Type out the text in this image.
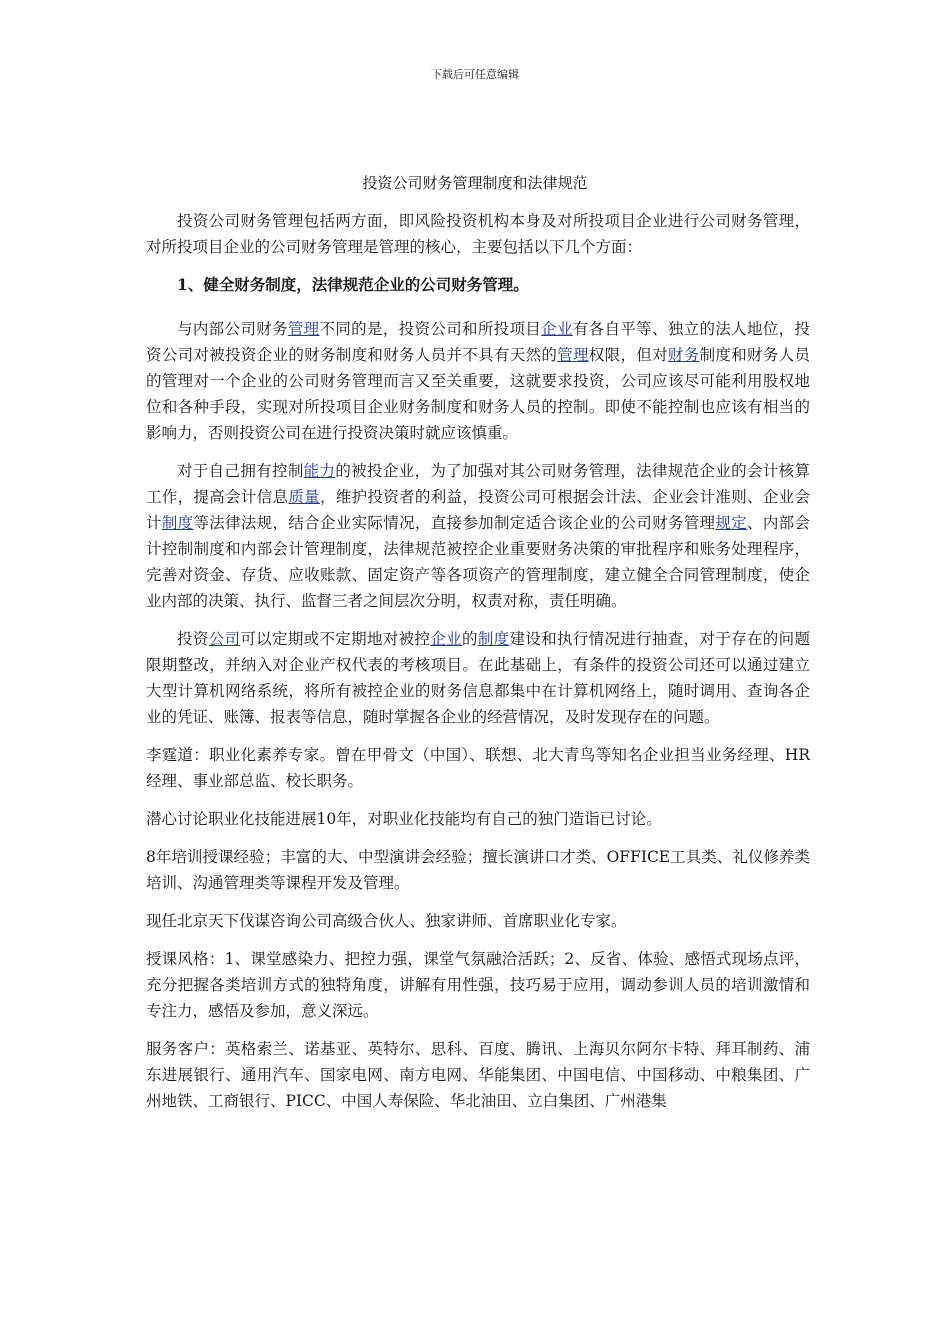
下载后可任意编辑
投资公司财务管理制度和法律规范

投资公司财务管理包括两方面，即风险投资机构本身及对所投项目企业进行公司财务管理，对所投项目企业的公司财务管理是管理的核心，主要包括以下几个方面：

1、健全财务制度，法律规范企业的公司财务管理。

与内部公司财务管理不同的是，投资公司和所投项目企业有各自平等、独立的法人地位，投资公司对被投资企业的财务制度和财务人员并不具有天然的管理权限，但对财务制度和财务人员的管理对一个企业的公司财务管理而言又至关重要，这就要求投资，公司应该尽可能利用股权地位和各种手段，实现对所投项目企业财务制度和财务人员的控制。即使不能控制也应该有相当的影响力，否则投资公司在进行投资决策时就应该慎重。

对于自己拥有控制能力的被投企业，为了加强对其公司财务管理，法律规范企业的会计核算工作，提高会计信息质量，维护投资者的利益，投资公司可根据会计法、企业会计准则、企业会计制度等法律法规，结合企业实际情况，直接参加制定适合该企业的公司财务管理规定、内部会计控制制度和内部会计管理制度，法律规范被控企业重要财务决策的审批程序和账务处理程序，完善对资金、存货、应收账款、固定资产等各项资产的管理制度，建立健全合同管理制度，使企业内部的决策、执行、监督三者之间层次分明，权责对称，责任明确。

投资公司可以定期或不定期地对被控企业的制度建设和执行情况进行抽查，对于存在的问题限期整改，并纳入对企业产权代表的考核项目。在此基础上，有条件的投资公司还可以通过建立大型计算机网络系统，将所有被控企业的财务信息都集中在计算机网络上，随时调用、查询各企业的凭证、账簿、报表等信息，随时掌握各企业的经营情况，及时发现存在的问题。

李霆道：职业化素养专家。曾在甲骨文（中国）、联想、北大青鸟等知名企业担当业务经理、HR经理、事业部总监、校长职务。

潜心讨论职业化技能进展10年，对职业化技能均有自己的独门造诣已讨论。

8年培训授课经验；丰富的大、中型演讲会经验；擅长演讲口才类、OFFICE工具类、礼仪修养类培训、沟通管理类等课程开发及管理。

现任北京天下伐谋咨询公司高级合伙人、独家讲师、首席职业化专家。

授课风格：1、课堂感染力、把控力强，课堂气氛融洽活跃；2、反省、体验、感悟式现场点评，充分把握各类培训方式的独特角度，讲解有用性强，技巧易于应用，调动参训人员的培训激情和专注力，感悟及参加，意义深远。

服务客户：英格索兰、诺基亚、英特尔、思科、百度、腾讯、上海贝尔阿尔卡特、拜耳制药、浦东进展银行、通用汽车、国家电网、南方电网、华能集团、中国电信、中国移动、中粮集团、广州地铁、工商银行、PICC、中国人寿保险、华北油田、立白集团、广州港集
